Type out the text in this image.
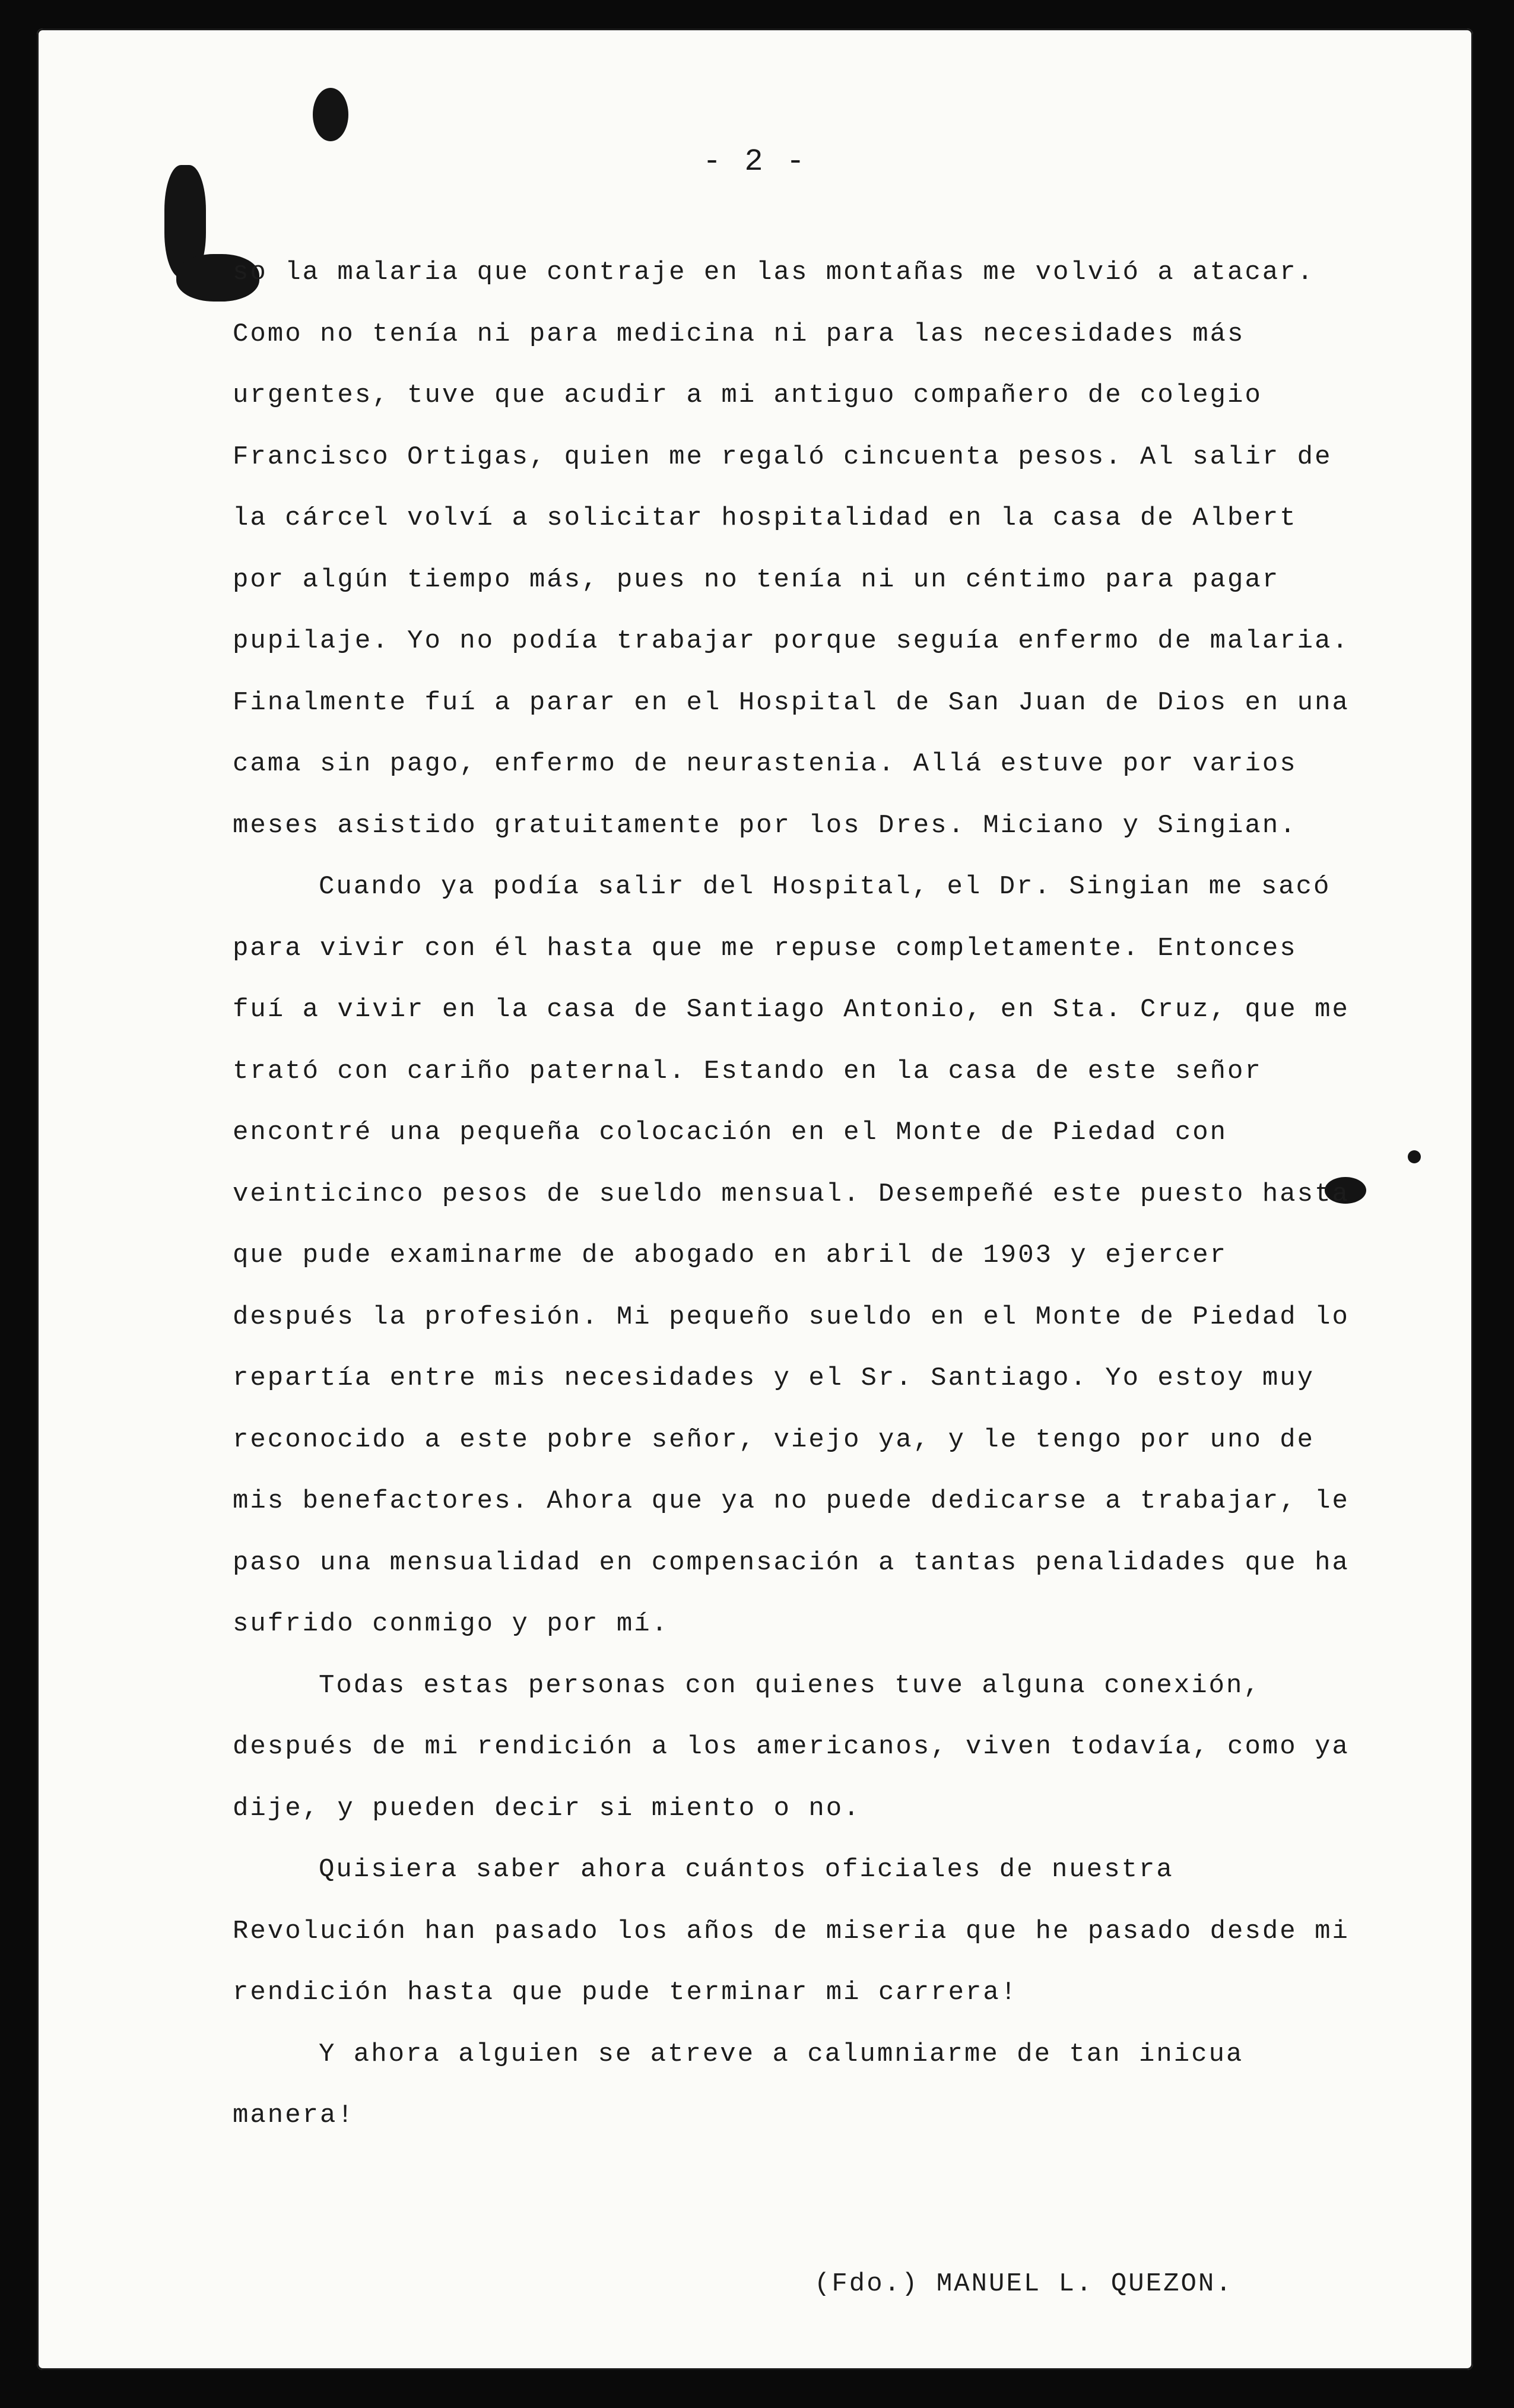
- 2 -

so la malaria que contraje en las montañas me volvió a atacar. Como no tenía ni para medicina ni para las necesidades más urgentes, tuve que acudir a mi antiguo compañero de colegio Francisco Ortigas, quien me regaló cincuenta pesos. Al salir de la cárcel volví a solicitar hospitalidad en la casa de Albert por algún tiempo más, pues no tenía ni un céntimo para pagar pupilaje. Yo no podía trabajar porque seguía enfermo de malaria. Finalmente fuí a parar en el Hospital de San Juan de Dios en una cama sin pago, enfermo de neurastenia. Allá estuve por varios meses asistido gratuitamente por los Dres. Miciano y Singian.

Cuando ya podía salir del Hospital, el Dr. Singian me sacó para vivir con él hasta que me repuse completamente. Entonces fuí a vivir en la casa de Santiago Antonio, en Sta. Cruz, que me trató con cariño paternal. Estando en la casa de este señor encontré una pequeña colocación en el Monte de Piedad con veinticinco pesos de sueldo mensual. Desempeñé este puesto hasta que pude examinarme de abogado en abril de 1903 y ejercer después la profesión. Mi pequeño sueldo en el Monte de Piedad lo repartía entre mis necesidades y el Sr. Santiago. Yo estoy muy reconocido a este pobre señor, viejo ya, y le tengo por uno de mis benefactores. Ahora que ya no puede dedicarse a trabajar, le paso una mensualidad en compensación a tantas penalidades que ha sufrido conmigo y por mí.

Todas estas personas con quienes tuve alguna conexión, después de mi rendición a los americanos, viven todavía, como ya dije, y pueden decir si miento o no.

Quisiera saber ahora cuántos oficiales de nuestra Revolución han pasado los años de miseria que he pasado desde mi rendición hasta que pude terminar mi carrera!

Y ahora alguien se atreve a calumniarme de tan inicua manera!

(Fdo.) MANUEL L. QUEZON.
